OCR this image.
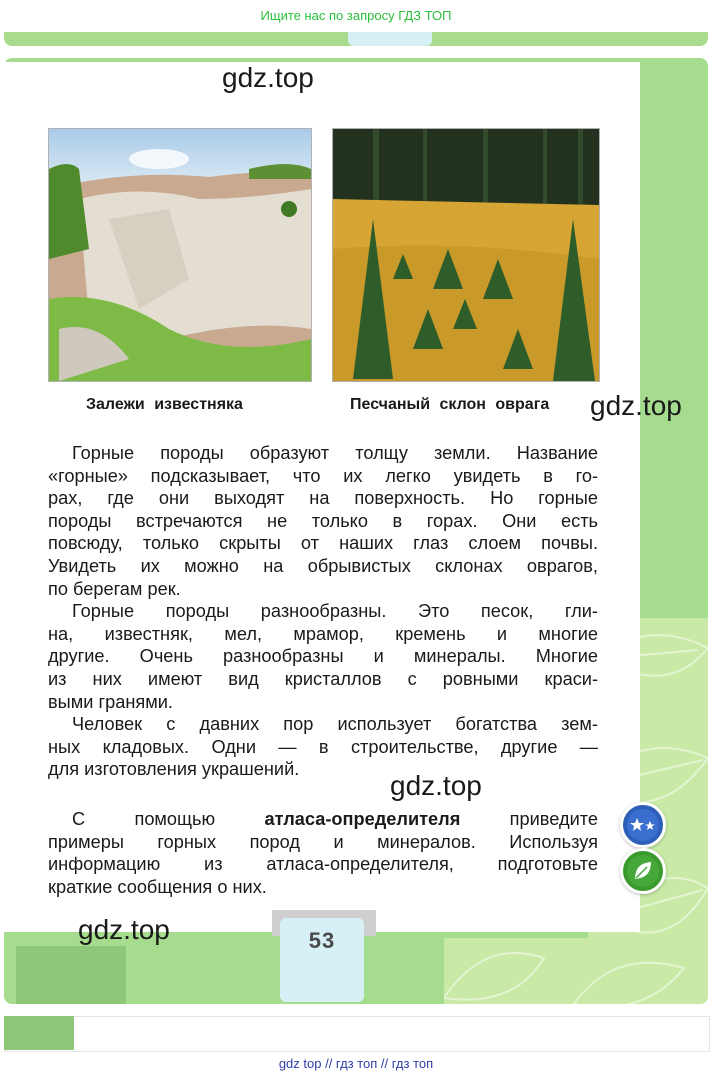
Ищите нас по запросу ГДЗ ТОП
gdz.top
Залежи известняка	Песчаный склон оврага gdz.top
Горные породы образуют толщу земли. Название
«горные» подсказывает, что их легко увидеть в го-
рах, где они выходят на поверхность. Но горные
породы встречаются не только в горах. Они есть
повсюду, только скрыты от наших глаз слоем почвы.
Увидеть их можно на обрывистых склонах оврагов,
по берегам рек.
Горные породы разнообразны. Это песок, гли-
на, известняк, мел, мрамор, кремень и многие
другие. Очень разнообразны и минералы. Многие
из них имеют вид кристаллов с ровными краси-
выми гранями.
Человек с давних пор использует богатства зем-
ных кладовых. Одни — в строительстве, другие —
для изготовления украшений.
gdz.top
С помощью атласа-определителя приведите
примеры горных пород и минералов. Используя
информацию из атласа-определителя, подготовьте
краткие сообщения о них.
gdz.top	53
gdz top // гдз топ // гдз топ
